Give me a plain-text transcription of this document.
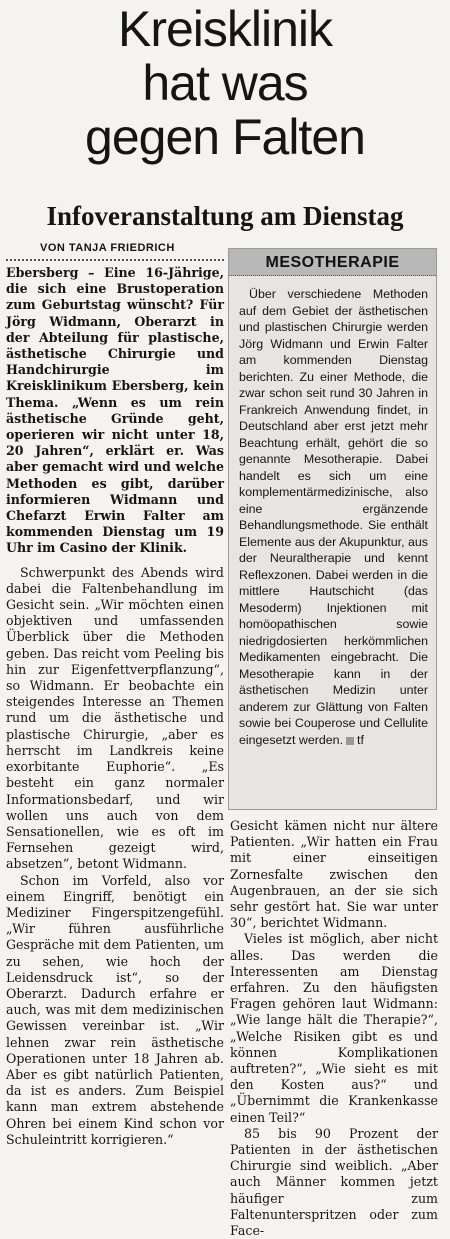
Kreisklinik
hat was
gegen Falten
Infoveranstaltung am Dienstag
VON TANJA FRIEDRICH

Ebersberg – Eine 16-Jährige, die sich eine Brustoperation zum Geburtstag wünscht? Für Jörg Widmann, Oberarzt in der Abteilung für plastische, ästhetische Chirurgie und Handchirurgie im Kreisklinikum Ebersberg, kein Thema. „Wenn es um rein ästhetische Gründe geht, operieren wir nicht unter 18, 20 Jahren“, erklärt er. Was aber gemacht wird und welche Methoden es gibt, darüber informieren Widmann und Chefarzt Erwin Falter am kommenden Dienstag um 19 Uhr im Casino der Klinik.

Schwerpunkt des Abends wird dabei die Faltenbehandlung im Gesicht sein. „Wir möchten einen objektiven und umfassenden Überblick über die Methoden geben. Das reicht vom Peeling bis hin zur Eigenfettverpflanzung“, so Widmann. Er beobachte ein steigendes Interesse an Themen rund um die ästhetische und plastische Chirurgie, „aber es herrscht im Landkreis keine exorbitante Euphorie“. „Es besteht ein ganz normaler Informationsbedarf, und wir wollen uns auch von dem Sensationellen, wie es oft im Fernsehen gezeigt wird, absetzen“, betont Widmann.

Schon im Vorfeld, also vor einem Eingriff, benötigt ein Mediziner Fingerspitzengefühl. „Wir führen ausführliche Gespräche mit dem Patienten, um zu sehen, wie hoch der Leidensdruck ist“, so der Oberarzt. Dadurch erfahre er auch, was mit dem medizinischen Gewissen vereinbar ist. „Wir lehnen zwar rein ästhetische Operationen unter 18 Jahren ab. Aber es gibt natürlich Patienten, da ist es anders. Zum Beispiel kann man extrem abstehende Ohren bei einem Kind schon vor Schuleintritt korrigieren.“

MESOTHERAPIE

Über verschiedene Methoden auf dem Gebiet der ästhetischen und plastischen Chirurgie werden Jörg Widmann und Erwin Falter am kommenden Dienstag berichten. Zu einer Methode, die zwar schon seit rund 30 Jahren in Frankreich Anwendung findet, in Deutschland aber erst jetzt mehr Beachtung erhält, gehört die so genannte Mesotherapie. Dabei handelt es sich um eine komplementärmedizinische, also eine ergänzende Behandlungsmethode. Sie enthält Elemente aus der Akupunktur, aus der Neuraltherapie und kennt Reflexzonen. Dabei werden in die mittlere Hautschicht (das Mesoderm) Injektionen mit homöopathischen sowie niedrigdosierten herkömmlichen Medikamenten eingebracht. Die Mesotherapie kann in der ästhetischen Medizin unter anderem zur Glättung von Falten sowie bei Couperose und Cellulite eingesetzt werden. tf

Gesicht kämen nicht nur ältere Patienten. „Wir hatten ein Frau mit einer einseitigen Zornesfalte zwischen den Augenbrauen, an der sie sich sehr gestört hat. Sie war unter 30“, berichtet Widmann.

Vieles ist möglich, aber nicht alles. Das werden die Interessenten am Dienstag erfahren. Zu den häufigsten Fragen gehören laut Widmann: „Wie lange hält die Therapie?“, „Welche Risiken gibt es und können Komplikationen auftreten?“, „Wie sieht es mit den Kosten aus?“ und „Übernimmt die Krankenkasse einen Teil?“

85 bis 90 Prozent der Patienten in der ästhetischen Chirurgie sind weiblich. „Aber auch Männer kommen jetzt häufiger zum Faltenunterspritzen oder zum Face-
